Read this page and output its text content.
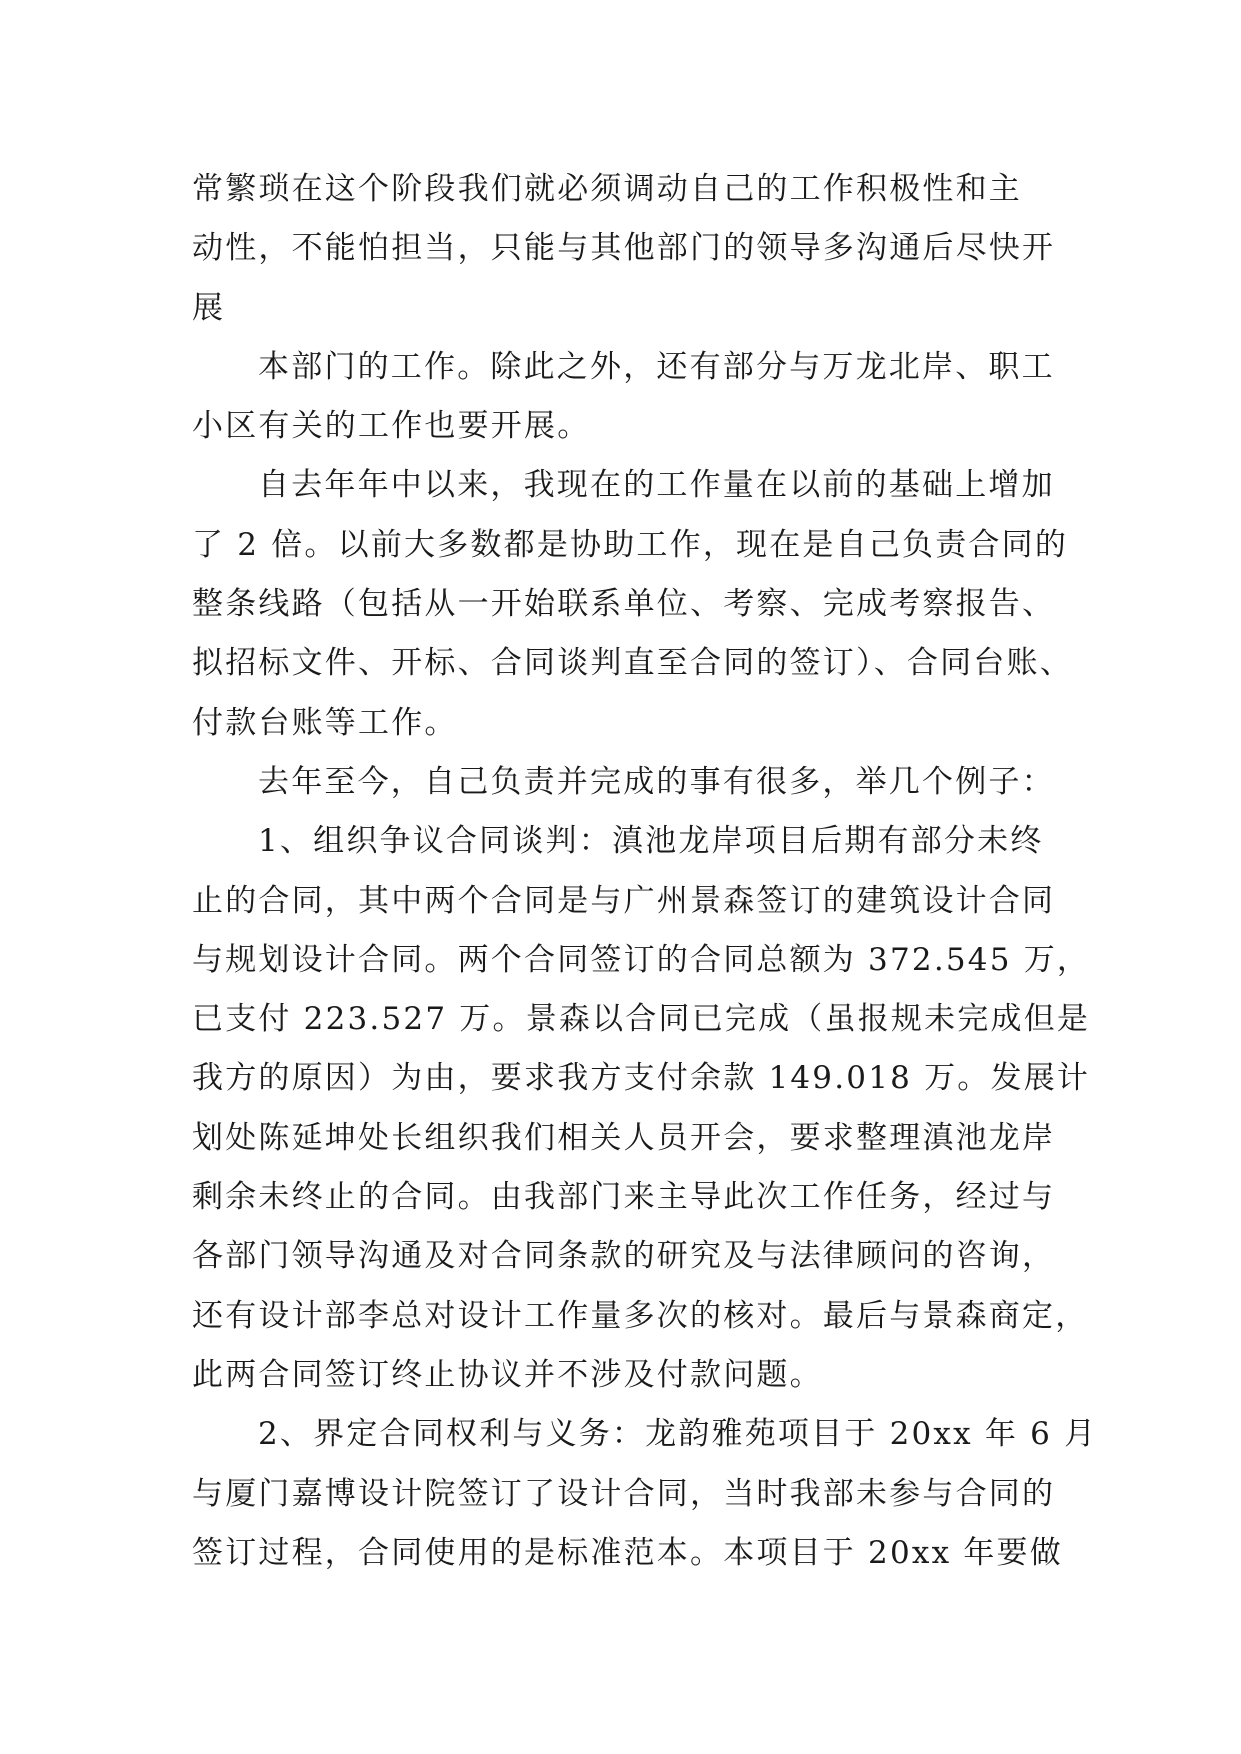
常繁琐在这个阶段我们就必须调动自己的工作积极性和主
动性，不能怕担当，只能与其他部门的领导多沟通后尽快开
展
本部门的工作。除此之外，还有部分与万龙北岸、职工
小区有关的工作也要开展。
自去年年中以来，我现在的工作量在以前的基础上增加
了 2 倍。以前大多数都是协助工作，现在是自己负责合同的
整条线路（包括从一开始联系单位、考察、完成考察报告、
拟招标文件、开标、合同谈判直至合同的签订）、合同台账、
付款台账等工作。
去年至今，自己负责并完成的事有很多，举几个例子：
1、组织争议合同谈判：滇池龙岸项目后期有部分未终
止的合同，其中两个合同是与广州景森签订的建筑设计合同
与规划设计合同。两个合同签订的合同总额为 372.545 万，
已支付 223.527 万。景森以合同已完成（虽报规未完成但是
我方的原因）为由，要求我方支付余款 149.018 万。发展计
划处陈延坤处长组织我们相关人员开会，要求整理滇池龙岸
剩余未终止的合同。由我部门来主导此次工作任务，经过与
各部门领导沟通及对合同条款的研究及与法律顾问的咨询，
还有设计部李总对设计工作量多次的核对。最后与景森商定，
此两合同签订终止协议并不涉及付款问题。
2、界定合同权利与义务：龙韵雅苑项目于 20xx 年 6 月
与厦门嘉博设计院签订了设计合同，当时我部未参与合同的
签订过程，合同使用的是标准范本。本项目于 20xx 年要做
